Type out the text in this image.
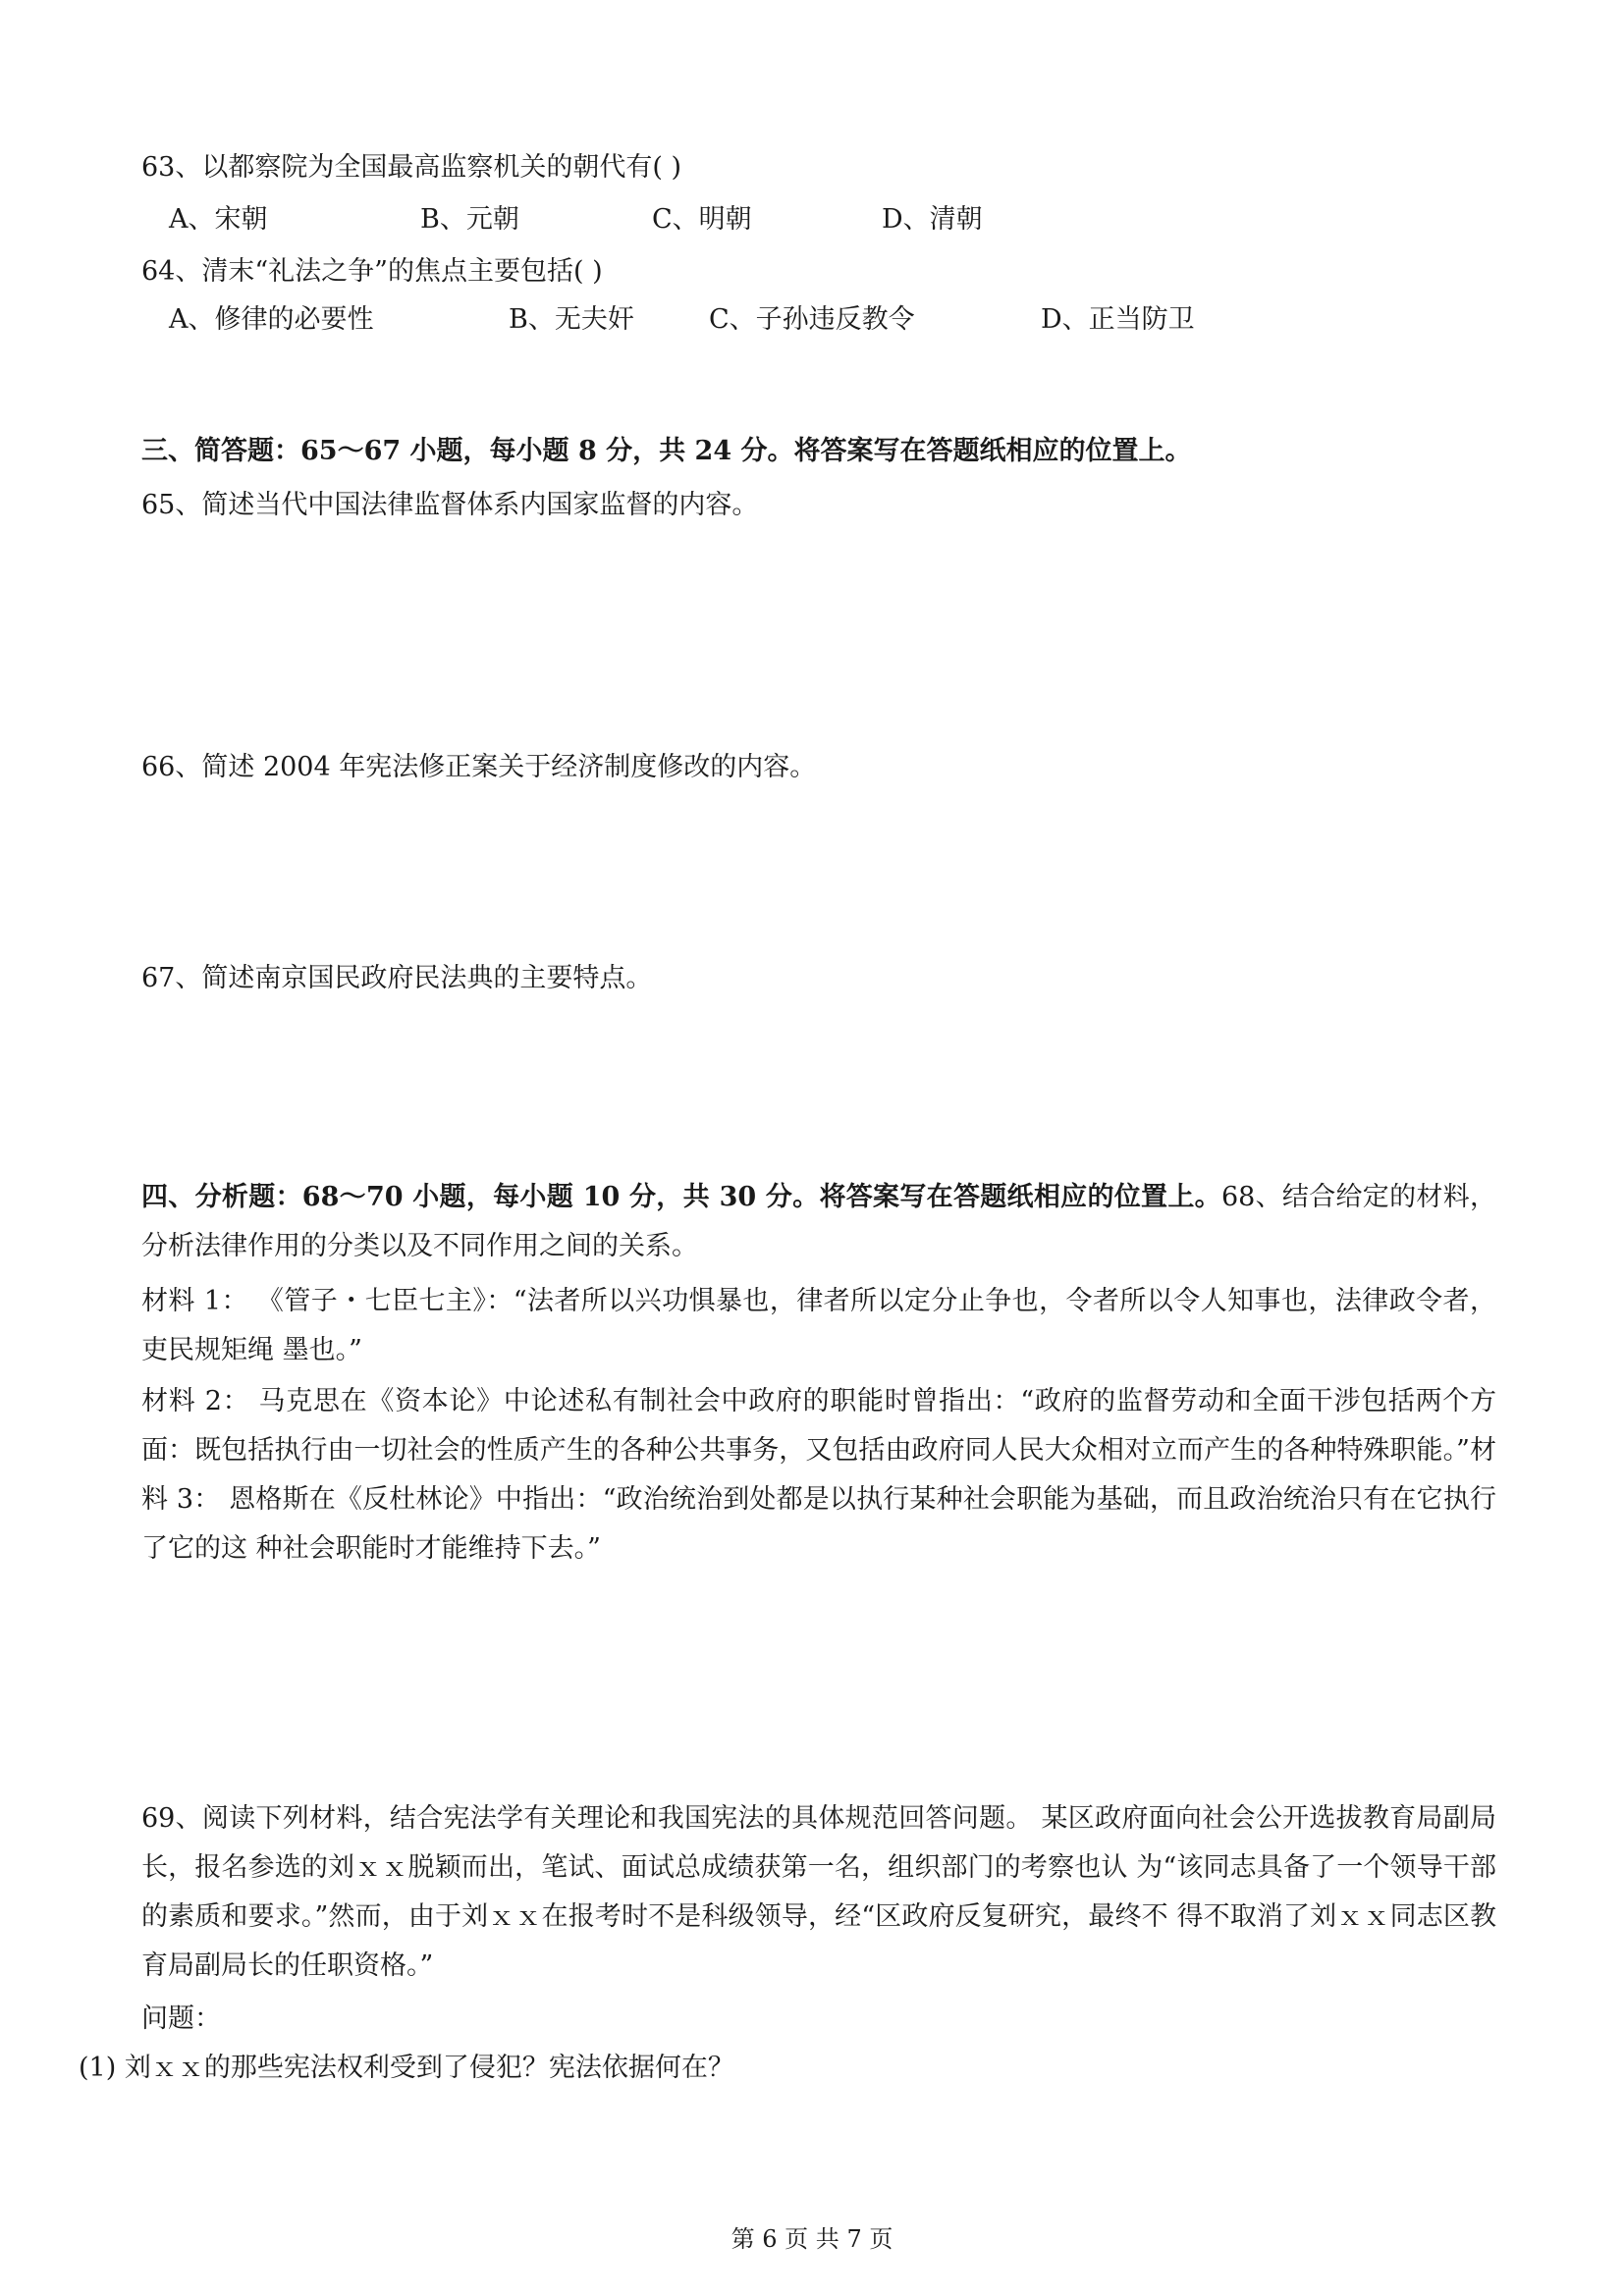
63、以都察院为全国最高监察机关的朝代有( )
A、宋朝	B、元朝	C、明朝	D、清朝
64、清末“礼法之争”的焦点主要包括( )
A、修律的必要性	B、无夫奸	C、子孙违反教令	D、正当防卫
三、简答题：65～67 小题，每小题 8 分，共 24 分。将答案写在答题纸相应的位置上。
65、简述当代中国法律监督体系内国家监督的内容。
66、简述 2004 年宪法修正案关于经济制度修改的内容。
67、简述南京国民政府民法典的主要特点。
四、分析题：68～70 小题，每小题 10 分，共 30 分。将答案写在答题纸相应的位置上。68、结合给定的材料，分析法律作用的分类以及不同作用之间的关系。
材料 1： 《管子・七臣七主》：“法者所以兴功惧暴也，律者所以定分止争也，令者所以令人知事也，法律政令者，吏民规矩绳 墨也。”
材料 2： 马克思在《资本论》中论述私有制社会中政府的职能时曾指出：“政府的监督劳动和全面干涉包括两个方面：既包括执行由一切社会的性质产生的各种公共事务，又包括由政府同人民大众相对立而产生的各种特殊职能。”材料 3： 恩格斯在《反杜林论》中指出：“政治统治到处都是以执行某种社会职能为基础，而且政治统治只有在它执行了它的这 种社会职能时才能维持下去。”
69、阅读下列材料，结合宪法学有关理论和我国宪法的具体规范回答问题。 某区政府面向社会公开选拔教育局副局长，报名参选的刘ｘｘ脱颖而出，笔试、面试总成绩获第一名，组织部门的考察也认 为“该同志具备了一个领导干部的素质和要求。”然而，由于刘ｘｘ在报考时不是科级领导，经“区政府反复研究，最终不 得不取消了刘ｘｘ同志区教育局副局长的任职资格。”
问题：
(1) 刘ｘｘ的那些宪法权利受到了侵犯？宪法依据何在？
第 6 页 共 7 页
